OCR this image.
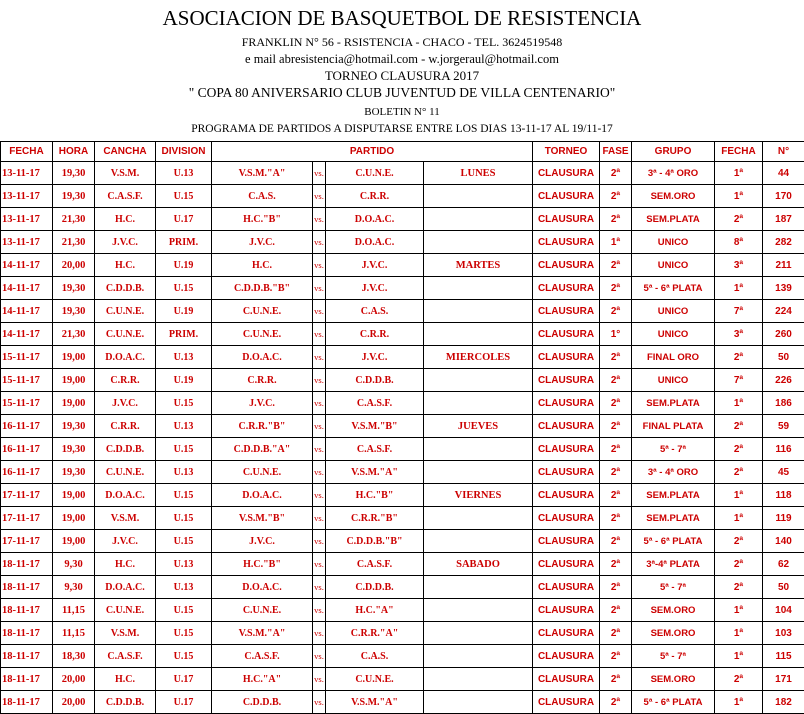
ASOCIACION DE BASQUETBOL DE RESISTENCIA
FRANKLIN N° 56 - RSISTENCIA - CHACO - TEL. 3624519548
e mail abresistencia@hotmail.com - w.jorgeraul@hotmail.com
TORNEO CLAUSURA 2017
" COPA 80 ANIVERSARIO CLUB JUVENTUD DE VILLA CENTENARIO"
BOLETIN N° 11
PROGRAMA DE PARTIDOS A DISPUTARSE ENTRE LOS DIAS 13-11-17 AL 19/11-17
FECHA	HORA	CANCHA	DIVISION	PARTIDO				TORNEO	FASE	GRUPO	FECHA	N°
13-11-17	19,30	V.S.M.	U.13	V.S.M."A"	vs.	C.U.N.E.	LUNES	CLAUSURA	2ª	3ª - 4ª ORO	1ª	44
13-11-17	19,30	C.A.S.F.	U.15	C.A.S.	vs.	C.R.R.		CLAUSURA	2ª	SEM.ORO	1ª	170
13-11-17	21,30	H.C.	U.17	H.C."B"	vs.	D.O.A.C.		CLAUSURA	2ª	SEM.PLATA	2ª	187
13-11-17	21,30	J.V.C.	PRIM.	J.V.C.	vs.	D.O.A.C.		CLAUSURA	1ª	UNICO	8ª	282
14-11-17	20,00	H.C.	U.19	H.C.	vs.	J.V.C.	MARTES	CLAUSURA	2ª	UNICO	3ª	211
14-11-17	19,30	C.D.D.B.	U.15	C.D.D.B."B"	vs.	J.V.C.		CLAUSURA	2ª	5ª - 6ª PLATA	1ª	139
14-11-17	19,30	C.U.N.E.	U.19	C.U.N.E.	vs.	C.A.S.		CLAUSURA	2ª	UNICO	7ª	224
14-11-17	21,30	C.U.N.E.	PRIM.	C.U.N.E.	vs.	C.R.R.		CLAUSURA	1°	UNICO	3ª	260
15-11-17	19,00	D.O.A.C.	U.13	D.O.A.C.	vs.	J.V.C.	MIERCOLES	CLAUSURA	2ª	FINAL ORO	2ª	50
15-11-17	19,00	C.R.R.	U.19	C.R.R.	vs.	C.D.D.B.		CLAUSURA	2ª	UNICO	7ª	226
15-11-17	19,00	J.V.C.	U.15	J.V.C.	vs.	C.A.S.F.		CLAUSURA	2ª	SEM.PLATA	1ª	186
16-11-17	19,30	C.R.R.	U.13	C.R.R."B"	vs.	V.S.M."B"	JUEVES	CLAUSURA	2ª	FINAL PLATA	2ª	59
16-11-17	19,30	C.D.D.B.	U.15	C.D.D.B."A"	vs.	C.A.S.F.		CLAUSURA	2ª	5ª - 7ª	2ª	116
16-11-17	19,30	C.U.N.E.	U.13	C.U.N.E.	vs.	V.S.M."A"		CLAUSURA	2ª	3ª - 4ª ORO	2ª	45
17-11-17	19,00	D.O.A.C.	U.15	D.O.A.C.	vs.	H.C."B"	VIERNES	CLAUSURA	2ª	SEM.PLATA	1ª	118
17-11-17	19,00	V.S.M.	U.15	V.S.M."B"	vs.	C.R.R."B"		CLAUSURA	2ª	SEM.PLATA	1ª	119
17-11-17	19,00	J.V.C.	U.15	J.V.C.	vs.	C.D.D.B."B"		CLAUSURA	2ª	5ª - 6ª PLATA	2ª	140
18-11-17	9,30	H.C.	U.13	H.C."B"	vs.	C.A.S.F.	SABADO	CLAUSURA	2ª	3ª-4ª PLATA	2ª	62
18-11-17	9,30	D.O.A.C.	U.13	D.O.A.C.	vs.	C.D.D.B.		CLAUSURA	2ª	5ª - 7ª	2ª	50
18-11-17	11,15	C.U.N.E.	U.15	C.U.N.E.	vs.	H.C."A"		CLAUSURA	2ª	SEM.ORO	1ª	104
18-11-17	11,15	V.S.M.	U.15	V.S.M."A"	vs.	C.R.R."A"		CLAUSURA	2ª	SEM.ORO	1ª	103
18-11-17	18,30	C.A.S.F.	U.15	C.A.S.F.	vs.	C.A.S.		CLAUSURA	2ª	5ª - 7ª	1ª	115
18-11-17	20,00	H.C.	U.17	H.C."A"	vs.	C.U.N.E.		CLAUSURA	2ª	SEM.ORO	2ª	171
18-11-17	20,00	C.D.D.B.	U.17	C.D.D.B.	vs.	V.S.M."A"		CLAUSURA	2ª	5ª - 6ª PLATA	1ª	182
